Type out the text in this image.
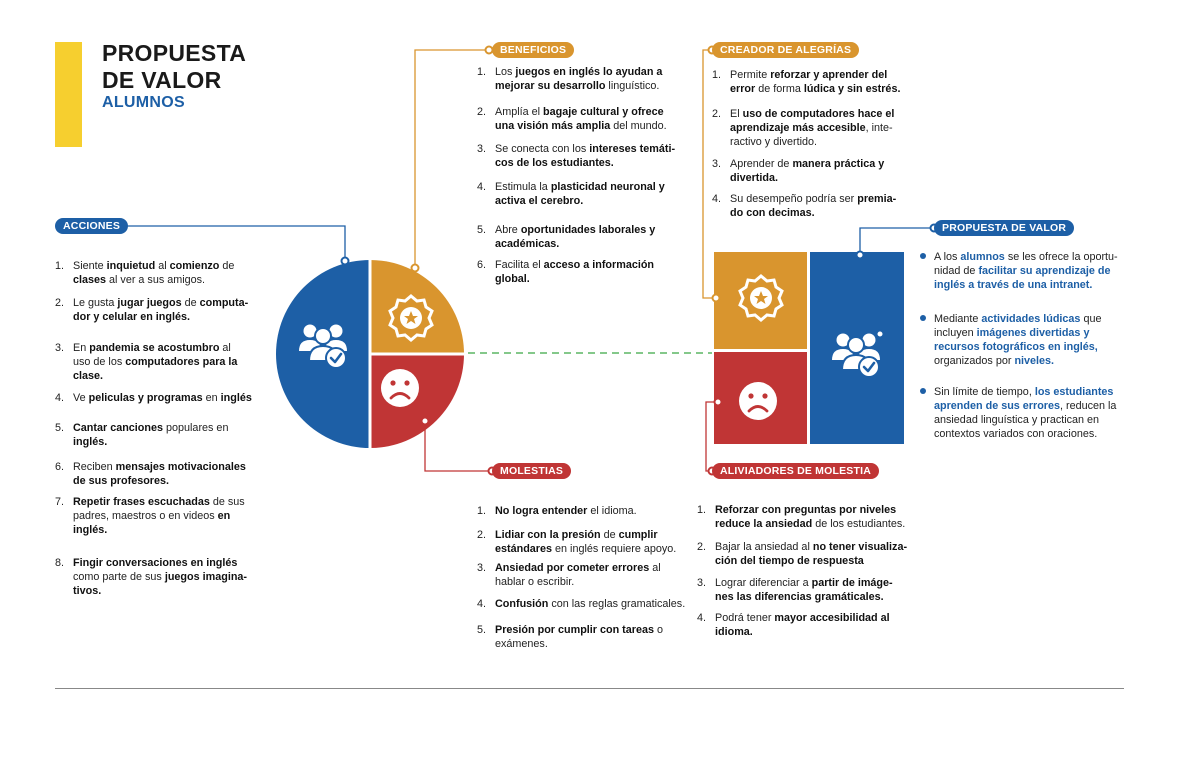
PROPUESTA
DE VALOR
ALUMNOS
ACCIONES
BENEFICIOS
MOLESTIAS
CREADOR DE ALEGRÍAS
ALIVIADORES DE MOLESTIA
PROPUESTA DE VALOR
1. Siente inquietud al comienzo de
clases al ver a sus amigos.
2. Le gusta jugar juegos de computa-
dor y celular en inglés.
3. En pandemia se acostumbro al
uso de los computadores para la
clase.
4. Ve peliculas y programas en inglés
5. Cantar canciones populares en
inglés.
6. Reciben mensajes motivacionales
de sus profesores.
7. Repetir frases escuchadas de sus
padres, maestros o en videos en
inglés.
8. Fingir conversaciones en inglés
como parte de sus juegos imagina-
tivos.
1. Los juegos en inglés lo ayudan a
mejorar su desarrollo linguístico.
2. Amplía el bagaje cultural y ofrece
una visión más amplia del mundo.
3. Se conecta con los intereses temáti-
cos de los estudiantes.
4. Estimula la plasticidad neuronal y
activa el cerebro.
5. Abre oportunidades laborales y
académicas.
6. Facilita el acceso a información
global.
1. No logra entender el idioma.
2. Lidiar con la presión de cumplir
estándares en inglés requiere apoyo.
3. Ansiedad por cometer errores al
hablar o escribir.
4. Confusión con las reglas gramaticales.
5. Presión por cumplir con tareas o
exámenes.
1. Permite reforzar y aprender del
error de forma lúdica y sin estrés.
2. El uso de computadores hace el
aprendizaje más accesible, inte-
ractivo y divertido.
3. Aprender de manera práctica y
divertida.
4. Su desempeño podría ser premia-
do con decimas.
1. Reforzar con preguntas por niveles
reduce la ansiedad de los estudiantes.
2. Bajar la ansiedad al no tener visualiza-
ción del tiempo de respuesta
3. Lograr diferenciar a partir de imáge-
nes las diferencias gramáticales.
4. Podrá tener mayor accesibilidad al
idioma.
A los alumnos se les ofrece la oportu-
nidad de facilitar su aprendizaje de
inglés a través de una intranet.
Mediante actividades lúdicas que
incluyen imágenes divertidas y
recursos fotográficos en inglés,
organizados por niveles.
Sin límite de tiempo, los estudiantes
aprenden de sus errores, reducen la
ansiedad linguística y practican en
contextos variados con oraciones.
